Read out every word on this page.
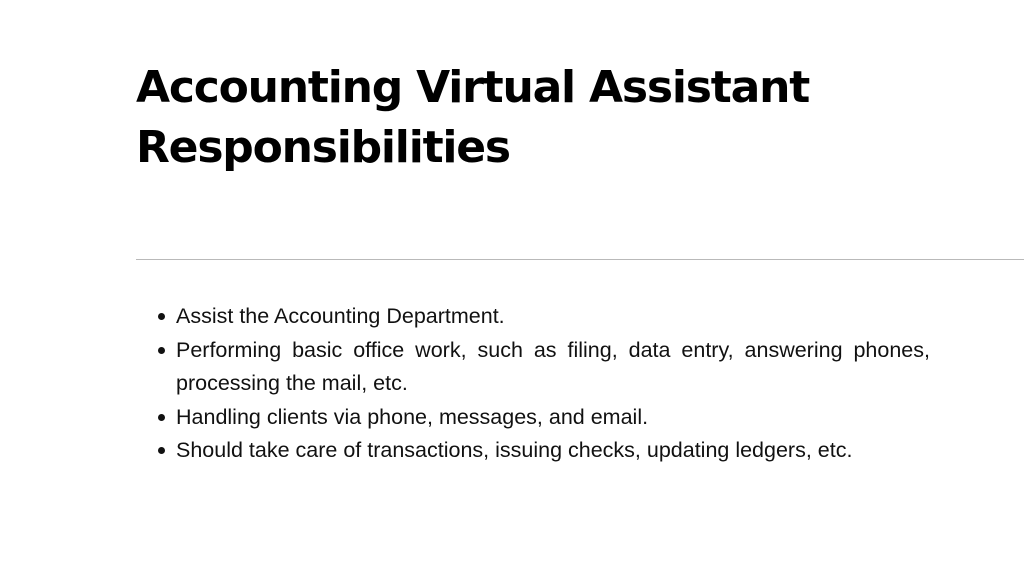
Accounting Virtual Assistant
Responsibilities
Assist the Accounting Department.
Performing basic office work, such as filing, data entry, answering phones, processing the mail, etc.
Handling clients via phone, messages, and email.
Should take care of transactions, issuing checks, updating ledgers, etc.
